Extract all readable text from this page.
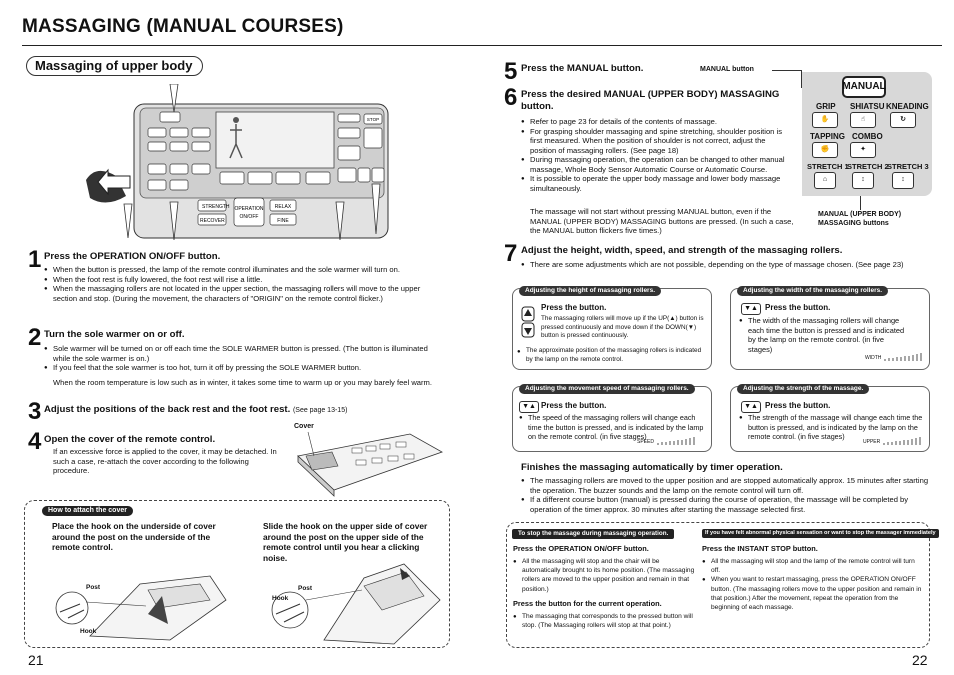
MASSAGING (MANUAL COURSES)
Massaging of upper body
STRENGTH
RECOVER
OPERATION
ON/OFF
RELAX
FINE
STOP
1 Press the OPERATION ON/OFF button.
● When the button is pressed, the lamp of the remote control illuminates and the sole warmer will turn on.
● When the foot rest is fully lowered, the foot rest will rise a little.
● When the massaging rollers are not located in the upper section, the massaging rollers will move to the upper section and stop. (During the movement, the characters of "ORIGIN" on the remote control flicker.)
2 Turn the sole warmer on or off.
● Sole warmer will be turned on or off each time the SOLE WARMER button is pressed. (The button is illuminated while the sole warmer is on.)
● If you feel that the sole warmer is too hot, turn it off by pressing the SOLE WARMER button.
When the room temperature is low such as in winter, it takes some time to warm up or you may barely feel warm.
3 Adjust the positions of the back rest and the foot rest. (See page 13-15)
4 Open the cover of the remote control.
If an excessive force is applied to the cover, it may be detached. In such a case, re-attach the cover according to the following procedure.
Cover
How to attach the cover
Place the hook on the underside of cover around the post on the underside of the remote control.
Slide the hook on the upper side of cover around the post on the upper side of the remote control until you hear a clicking noise.
Post
Hook
Post
Hook
21
5 Press the MANUAL button.	MANUAL button
MANUAL
GRIP SHIATSU KNEADING
✋	☝	↻
TAPPING COMBO
✊	✦
STRETCH 1
STRETCH 2
STRETCH 3
⌂	↕	↕
MANUAL (UPPER BODY)
MASSAGING buttons
6 Press the desired MANUAL (UPPER BODY) MASSAGING button.
● Refer to page 23 for details of the contents of massage.
● For grasping shoulder massaging and spine stretching, shoulder position is first measured. When the position of shoulder is not correct, adjust the position of massaging rollers. (See page 18)
● During massaging operation, the operation can be changed to other manual massage, Whole Body Sensor Automatic Course or Automatic Course.
● It is possible to operate the upper body massage and lower body massage simultaneously.
The massage will not start without pressing MANUAL button, even if the MANUAL (UPPER BODY) MASSAGING buttons are pressed. (In such a case, the MANUAL button flickers five times.)
7 Adjust the height, width, speed, and strength of the massaging rollers.
● There are some adjustments which are not possible, depending on the type of massage chosen. (See page 23)
Adjusting the height of massaging rollers.
Press the button.
The massaging rollers will move up if the UP(▲) button is pressed continuously and move down if the DOWN(▼) button is pressed continuously.
● The approximate position of the massaging rollers is indicated by the lamp on the remote control.
Adjusting the width of the massaging rollers.
▼▲ Press the button.
● The width of the massaging rollers will change each time the button is pressed and is indicated by the lamp on the remote control. (in five stages)
WIDTH
Adjusting the movement speed of massaging rollers.
▼▲ Press the button.
● The speed of the massaging rollers will change each time the button is pressed, and is indicated by the lamp on the remote control. (in five stages)
SPEED
Adjusting the strength of the massage.
▼▲ Press the button.
● The strength of the massage will change each time the button is pressed, and is indicated by the lamp on the remote control. (in five stages)
UPPER
Finishes the massaging automatically by timer operation.
● The massaging rollers are moved to the upper position and are stopped automatically approx. 15 minutes after starting the operation. The buzzer sounds and the lamp on the remote control will turn off.
● If a different course button (manual) is pressed during the course of operation, the massage will be completed by operation of the timer approx. 30 minutes after starting the massage selected first.
To stop the massage during massaging operation.
Press the OPERATION ON/OFF button.
● All the massaging will stop and the chair will be automatically brought to its home position. (The massaging rollers are moved to the upper position and remain in that position.)
Press the button for the current operation.
● The massaging that corresponds to the pressed button will stop. (The Massaging rollers will stop at that point.)
If you have felt abnormal physical sensation or want to stop the massager immediately
Press the INSTANT STOP button.
● All the massaging will stop and the lamp of the remote control will turn off.
● When you want to restart massaging, press the OPERATION ON/OFF button. (The massaging rollers move to the upper position and remain in that position.) After the movement, repeat the operation from the beginning of each massage.
22
